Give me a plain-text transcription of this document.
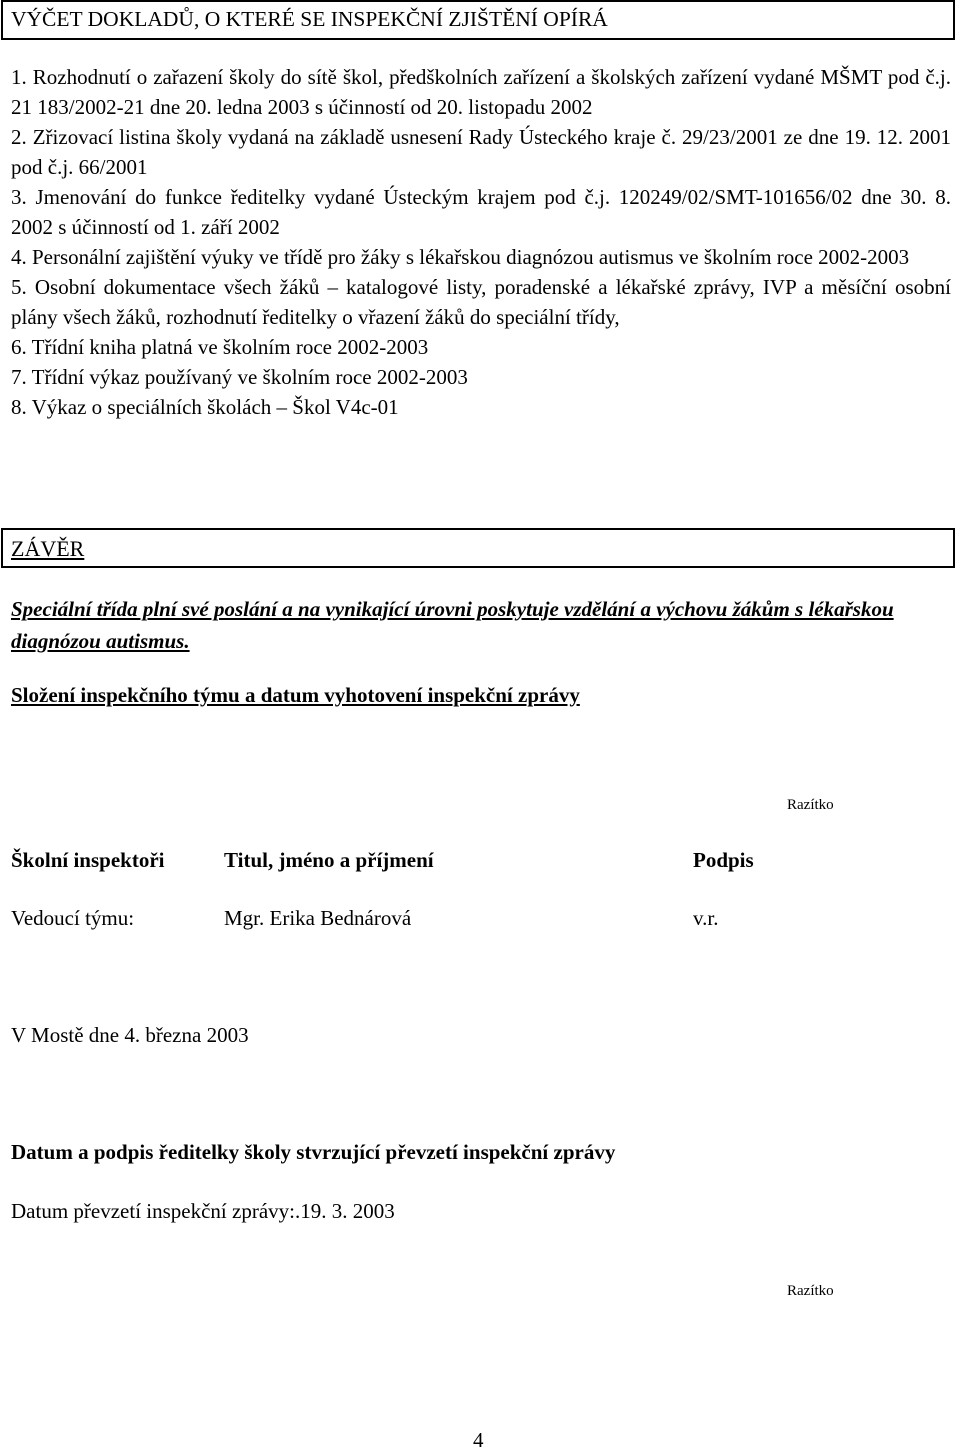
VÝČET DOKLADŮ, O KTERÉ SE INSPEKČNÍ ZJIŠTĚNÍ OPÍRÁ
1. Rozhodnutí o zařazení školy do sítě škol, předškolních zařízení a školských zařízení vydané MŠMT pod č.j. 21 183/2002-21 dne 20. ledna 2003 s účinností od 20. listopadu 2002
2. Zřizovací listina školy vydaná na základě usnesení Rady Ústeckého kraje č. 29/23/2001 ze dne 19. 12. 2001 pod č.j. 66/2001
3. Jmenování do funkce ředitelky vydané Ústeckým krajem pod č.j. 120249/02/SMT-101656/02 dne 30. 8. 2002 s účinností od 1. září 2002
4. Personální zajištění výuky ve třídě pro žáky s lékařskou diagnózou autismus ve školním roce 2002-2003
5. Osobní dokumentace všech žáků – katalogové listy, poradenské a lékařské zprávy, IVP a měsíční osobní plány všech žáků, rozhodnutí ředitelky o vřazení žáků do speciální třídy,
6. Třídní kniha platná ve školním roce 2002-2003
7. Třídní výkaz používaný ve školním roce 2002-2003
8. Výkaz o speciálních školách – Škol V4c-01
ZÁVĚR
Speciální třída plní své poslání a na vynikající úrovni poskytuje vzdělání a výchovu žákům s lékařskou diagnózou autismus.
Složení inspekčního týmu a datum vyhotovení inspekční zprávy
Razítko
Školní inspektoři	Titul, jméno a příjmení	Podpis
Vedoucí týmu:	Mgr. Erika Bednárová	v.r.
V Mostě dne 4. března 2003
Datum a podpis ředitelky školy stvrzující převzetí inspekční zprávy
Datum převzetí inspekční zprávy:.19. 3. 2003
Razítko
4
